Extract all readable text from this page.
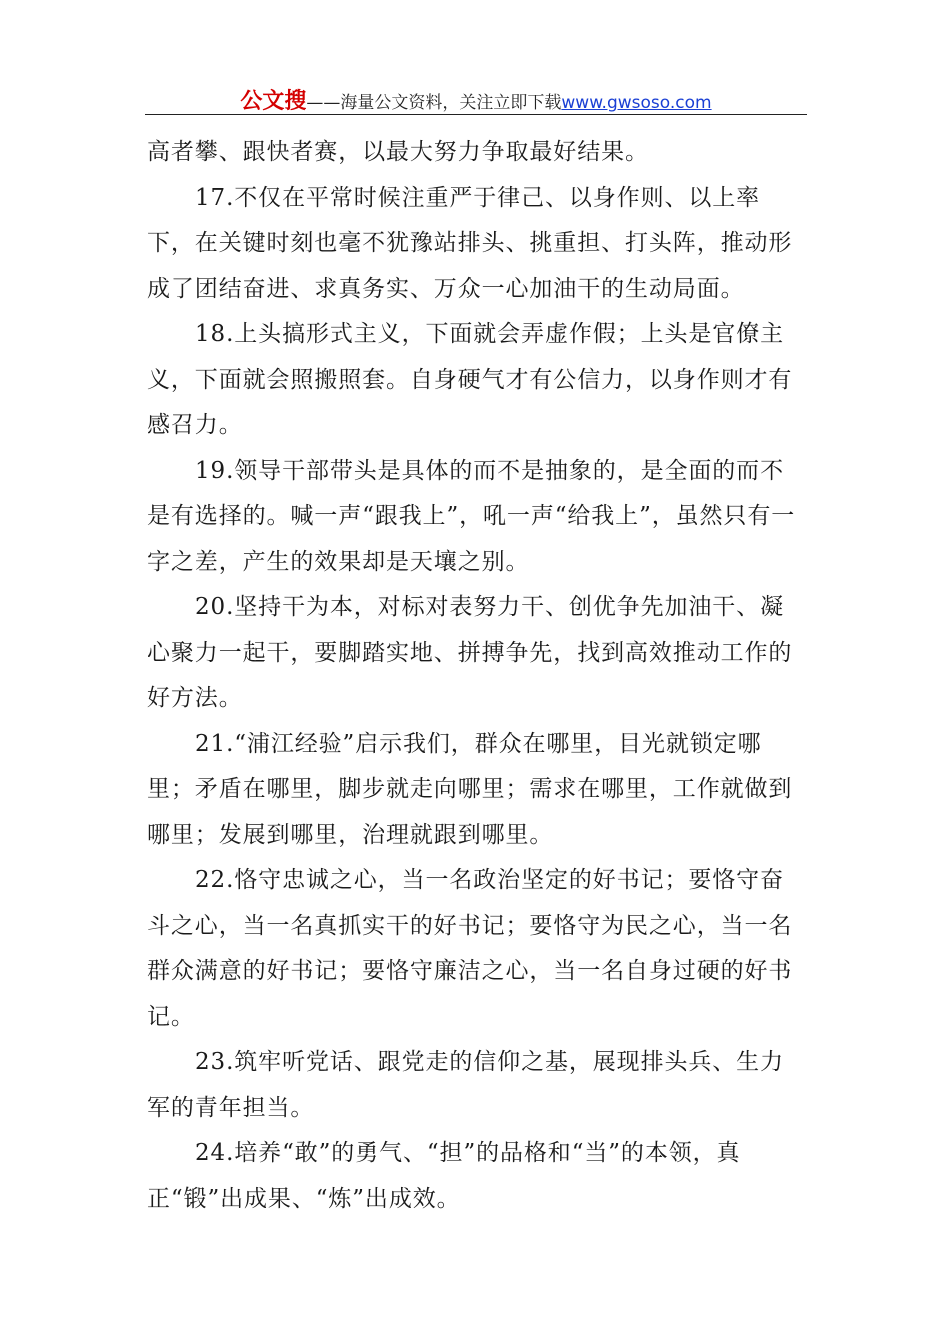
公文搜——海量公文资料，关注立即下载www.gwsoso.com

高者攀、跟快者赛，以最大努力争取最好结果。

17.不仅在平常时候注重严于律己、以身作则、以上率下，在关键时刻也毫不犹豫站排头、挑重担、打头阵，推动形成了团结奋进、求真务实、万众一心加油干的生动局面。

18.上头搞形式主义，下面就会弄虚作假；上头是官僚主义，下面就会照搬照套。自身硬气才有公信力，以身作则才有感召力。

19.领导干部带头是具体的而不是抽象的，是全面的而不是有选择的。喊一声“跟我上”，吼一声“给我上”，虽然只有一字之差，产生的效果却是天壤之别。

20.坚持干为本，对标对表努力干、创优争先加油干、凝心聚力一起干，要脚踏实地、拼搏争先，找到高效推动工作的好方法。

21.“浦江经验”启示我们，群众在哪里，目光就锁定哪里；矛盾在哪里，脚步就走向哪里；需求在哪里，工作就做到哪里；发展到哪里，治理就跟到哪里。

22.恪守忠诚之心，当一名政治坚定的好书记；要恪守奋斗之心，当一名真抓实干的好书记；要恪守为民之心，当一名群众满意的好书记；要恪守廉洁之心，当一名自身过硬的好书记。

23.筑牢听党话、跟党走的信仰之基，展现排头兵、生力军的青年担当。

24.培养“敢”的勇气、“担”的品格和“当”的本领，真正“锻”出成果、“炼”出成效。
